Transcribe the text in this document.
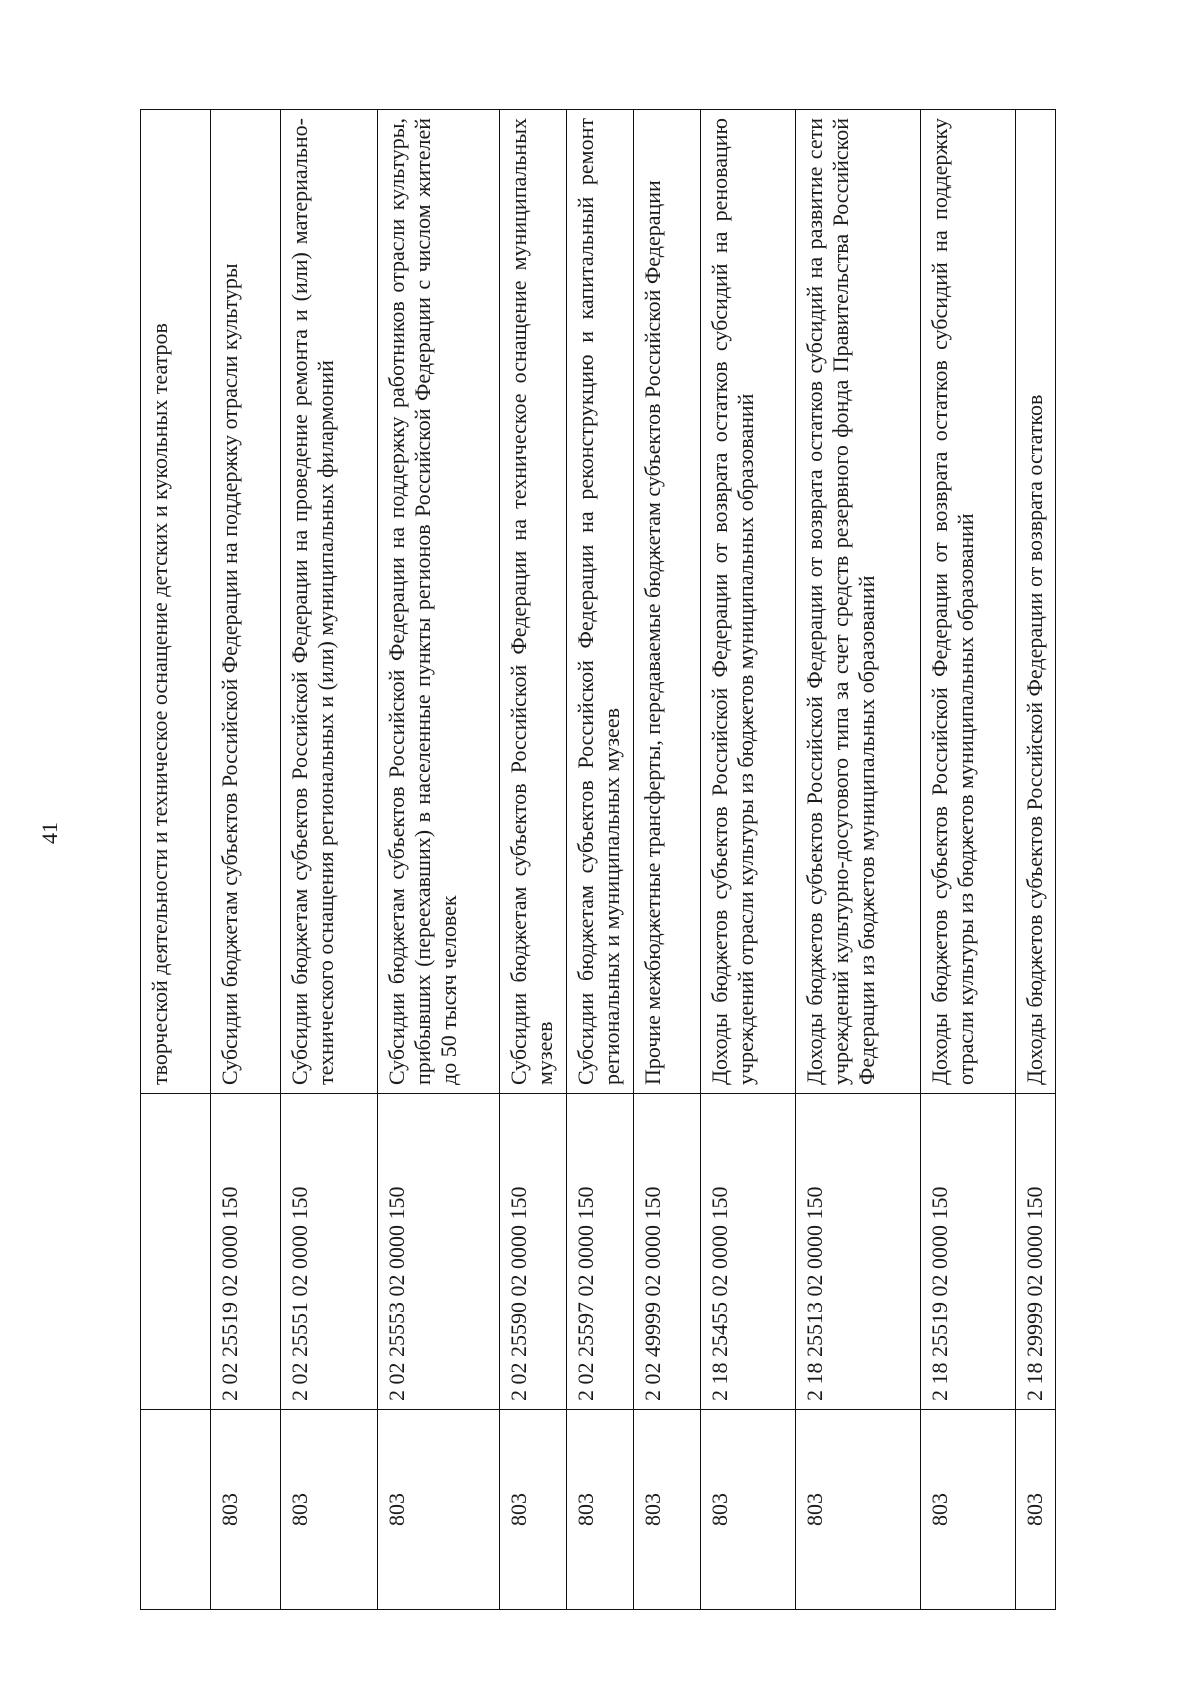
41
			творческой деятельности и техническое оснащение детских и кукольных театров
803	2 02 25519 02 0000 150	Субсидии бюджетам субъектов Российской Федерации на поддержку отрасли культуры
803	2 02 25551 02 0000 150	Субсидии бюджетам субъектов Российской Федерации на проведение ремонта и (или) материально-технического оснащения региональных и (или) муниципальных филармоний
803	2 02 25553 02 0000 150	Субсидии бюджетам субъектов Российской Федерации на поддержку работников отрасли культуры, прибывших (переехавших) в населенные пункты регионов Российской Федерации с числом жителей до 50 тысяч человек
803	2 02 25590 02 0000 150	Субсидии бюджетам субъектов Российской Федерации на техническое оснащение муниципальных музеев
803	2 02 25597 02 0000 150	Субсидии бюджетам субъектов Российской Федерации на реконструкцию и капитальный ремонт региональных и муниципальных музеев
803	2 02 49999 02 0000 150	Прочие межбюджетные трансферты, передаваемые бюджетам субъектов Российской Федерации
803	2 18 25455 02 0000 150	Доходы бюджетов субъектов Российской Федерации от возврата остатков субсидий на реновацию учреждений отрасли культуры из бюджетов муниципальных образований
803	2 18 25513 02 0000 150	Доходы бюджетов субъектов Российской Федерации от возврата остатков субсидий на развитие сети учреждений культурно-досугового типа за счет средств резервного фонда Правительства Российской Федерации из бюджетов муниципальных образований
803	2 18 25519 02 0000 150	Доходы бюджетов субъектов Российской Федерации от возврата остатков субсидий на поддержку отрасли культуры из бюджетов муниципальных образований
803	2 18 29999 02 0000 150	Доходы бюджетов субъектов Российской Федерации от возврата остатков
